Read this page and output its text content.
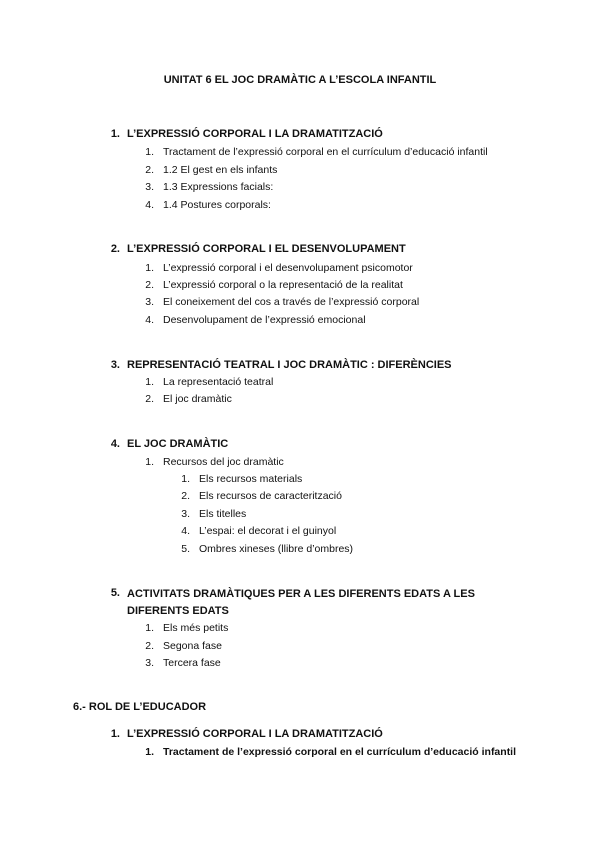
UNITAT 6 EL JOC DRAMÀTIC A L’ESCOLA INFANTIL
1. L’EXPRESSIÓ CORPORAL I LA DRAMATITZACIÓ
1. Tractament de l’expressió corporal en el currículum d’educació infantil
2. 1.2 El gest en els infants
3. 1.3 Expressions facials:
4. 1.4 Postures corporals:
2. L’EXPRESSIÓ CORPORAL I EL DESENVOLUPAMENT
1. L’expressió corporal i el desenvolupament psicomotor
2. L’expressió corporal o la representació de la realitat
3. El coneixement del cos a través de l’expressió corporal
4. Desenvolupament de l’expressió emocional
3. REPRESENTACIÓ TEATRAL I JOC DRAMÀTIC : DIFERÈNCIES
1. La representació teatral
2. El joc dramàtic
4. EL JOC DRAMÀTIC
1. Recursos del joc dramàtic
1. Els recursos materials
2. Els recursos de caracterització
3. Els titelles
4. L’espai: el decorat i el guinyol
5. Ombres xineses (llibre d’ombres)
5. ACTIVITATS DRAMÀTIQUES PER A LES DIFERENTS EDATS A LES DIFERENTS EDATS
1. Els més petits
2. Segona fase
3. Tercera fase
6.- ROL DE L’EDUCADOR
1. L’EXPRESSIÓ CORPORAL I LA DRAMATITZACIÓ
1. Tractament de l’expressió corporal en el currículum d’educació infantil
